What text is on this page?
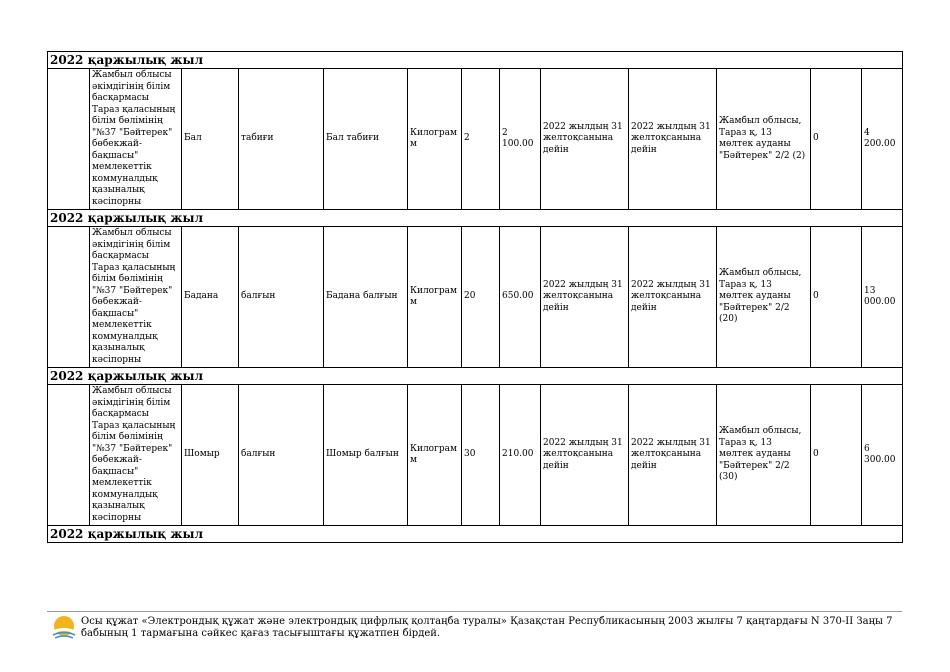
2022 қаржылық жыл												
	Жамбыл облысы әкімдігінің білім басқармасы Тараз қаласының білім бөлімінің "№37 "Бәйтерек" бөбекжай-бақшасы" мемлекеттік коммуналдық қазыналық кәсіпорны	Бал	табиғи	Бал табиғи	Килограмм	2	2 100.00	2022 жылдың 31 желтоқсанына дейін	2022 жылдың 31 желтоқсанына дейін	Жамбыл облысы, Тараз қ, 13 мөлтек ауданы "Бәйтерек" 2/2 (2)	0	4 200.00
2022 қаржылық жыл												
	Жамбыл облысы әкімдігінің білім басқармасы Тараз қаласының білім бөлімінің "№37 "Бәйтерек" бөбекжай-бақшасы" мемлекеттік коммуналдық қазыналық кәсіпорны	Бадана	балғын	Бадана балғын	Килограмм	20	650.00	2022 жылдың 31 желтоқсанына дейін	2022 жылдың 31 желтоқсанына дейін	Жамбыл облысы, Тараз қ, 13 мөлтек ауданы "Бәйтерек" 2/2 (20)	0	13 000.00
2022 қаржылық жыл												
	Жамбыл облысы әкімдігінің білім басқармасы Тараз қаласының білім бөлімінің "№37 "Бәйтерек" бөбекжай-бақшасы" мемлекеттік коммуналдық қазыналық кәсіпорны	Шомыр	балғын	Шомыр балғын	Килограмм	30	210.00	2022 жылдың 31 желтоқсанына дейін	2022 жылдың 31 желтоқсанына дейін	Жамбыл облысы, Тараз қ, 13 мөлтек ауданы "Бәйтерек" 2/2 (30)	0	6 300.00
2022 қаржылық жыл												
Осы құжат «Электрондық құжат және электрондық цифрлық қолтаңба туралы» Қазақстан Республикасының 2003 жылғы 7 қаңтардағы N 370-II Заңы 7 бабының 1 тармағына сәйкес қағаз тасығыштағы құжатпен бірдей.
